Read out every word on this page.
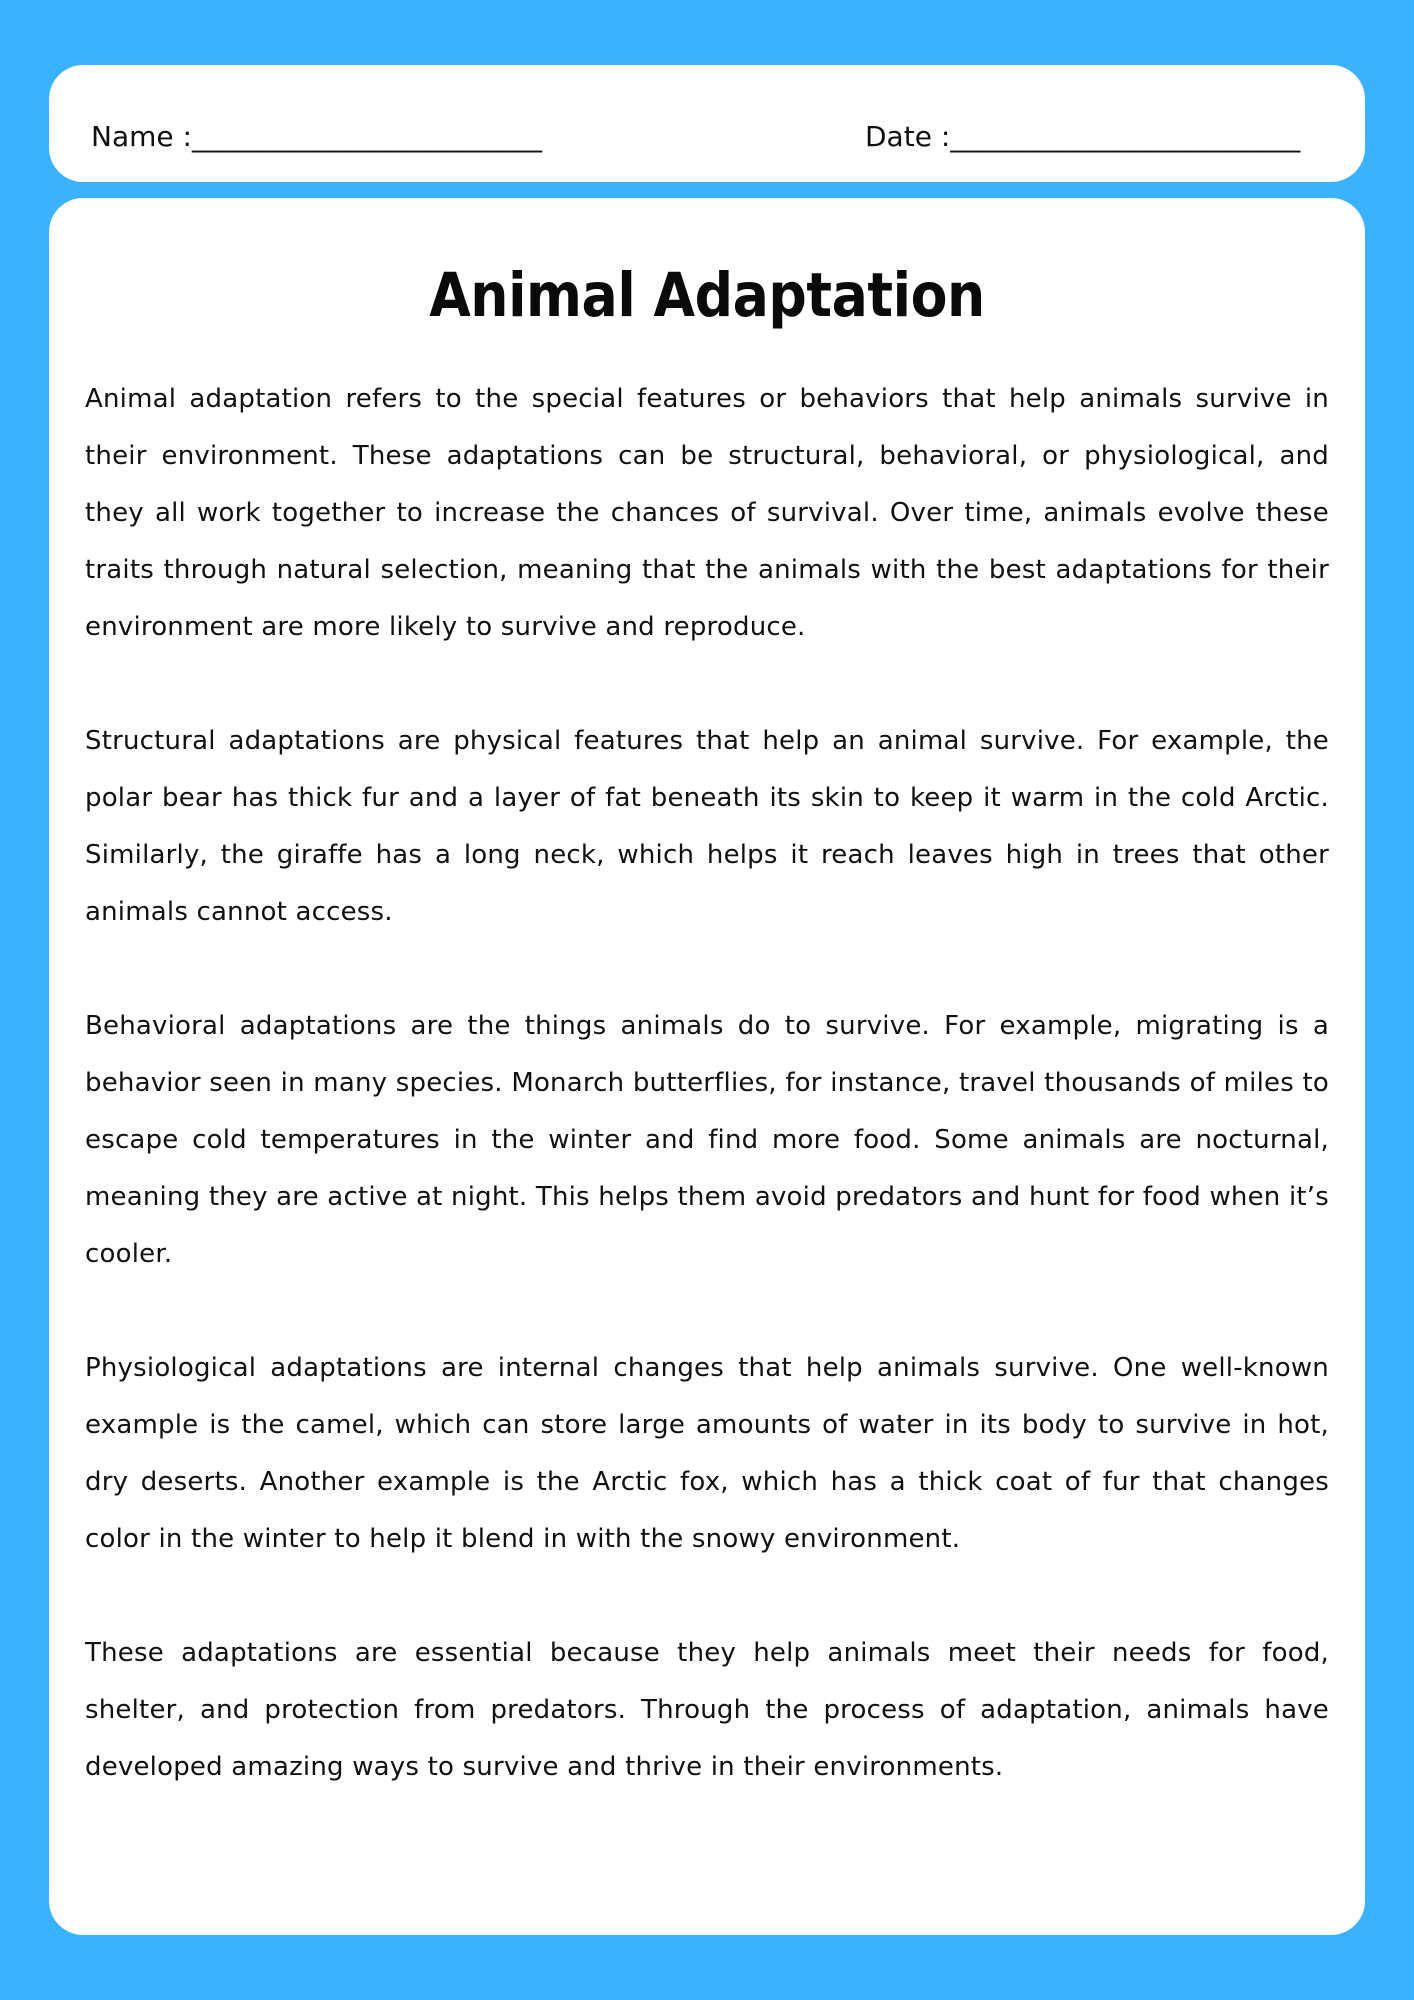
Name :_________________________	Date :_________________________
Animal Adaptation

Animal adaptation refers to the special features or behaviors that help animals survive in their environment. These adaptations can be structural, behavioral, or physiological, and they all work together to increase the chances of survival. Over time, animals evolve these traits through natural selection, meaning that the animals with the best adaptations for their environment are more likely to survive and reproduce.

Structural adaptations are physical features that help an animal survive. For example, the polar bear has thick fur and a layer of fat beneath its skin to keep it warm in the cold Arctic. Similarly, the giraffe has a long neck, which helps it reach leaves high in trees that other animals cannot access.

Behavioral adaptations are the things animals do to survive. For example, migrating is a behavior seen in many species. Monarch butterflies, for instance, travel thousands of miles to escape cold temperatures in the winter and find more food. Some animals are nocturnal, meaning they are active at night. This helps them avoid predators and hunt for food when it’s cooler.

Physiological adaptations are internal changes that help animals survive. One well-known example is the camel, which can store large amounts of water in its body to survive in hot, dry deserts. Another example is the Arctic fox, which has a thick coat of fur that changes color in the winter to help it blend in with the snowy environment.

These adaptations are essential because they help animals meet their needs for food, shelter, and protection from predators. Through the process of adaptation, animals have developed amazing ways to survive and thrive in their environments.
